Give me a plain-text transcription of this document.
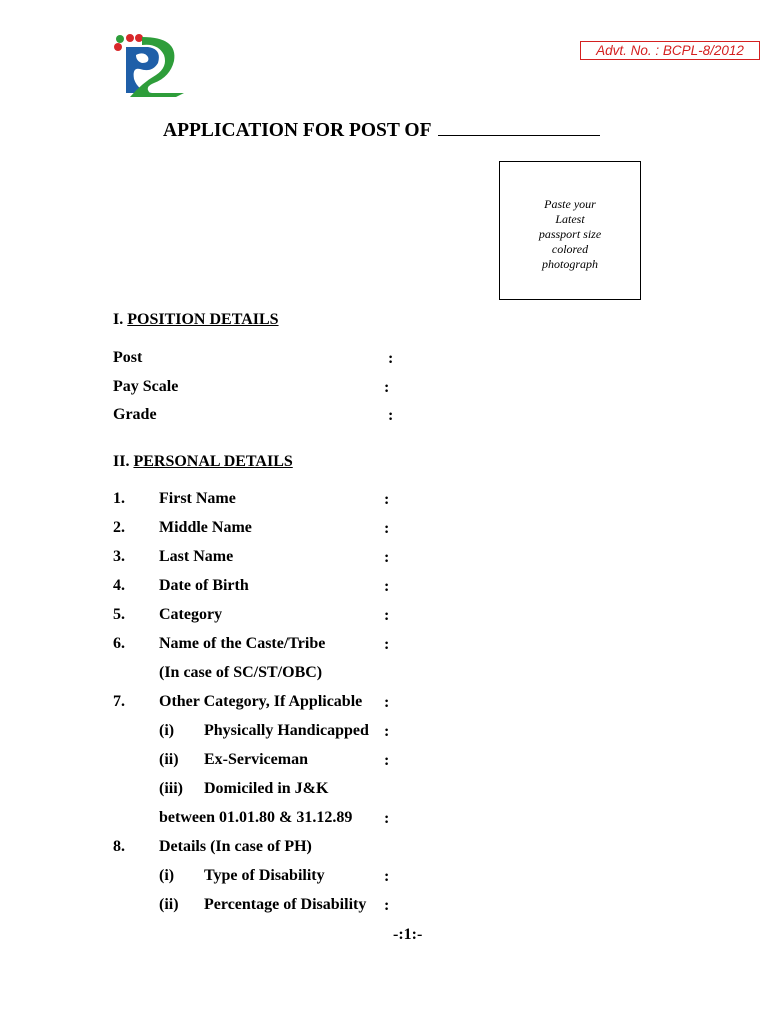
Advt. No. : BCPL-8/2012
APPLICATION FOR POST OF
Paste your
Latest
passport size
colored
photograph
I. POSITION DETAILS
Post	:
Pay Scale	:
Grade	:
II. PERSONAL DETAILS
1. First Name	:
2. Middle Name	:
3. Last Name	:
4. Date of Birth	:
5. Category	:
6. Name of the Caste/Tribe	:
(In case of SC/ST/OBC)
7. Other Category, If Applicable :
(i) Physically Handicapped :
(ii) Ex-Serviceman	:
(iii) Domiciled in J&K
between 01.01.80 & 31.12.89 :
8. Details (In case of PH)
(i) Type of Disability	:
(ii) Percentage of Disability :
-:1:-
